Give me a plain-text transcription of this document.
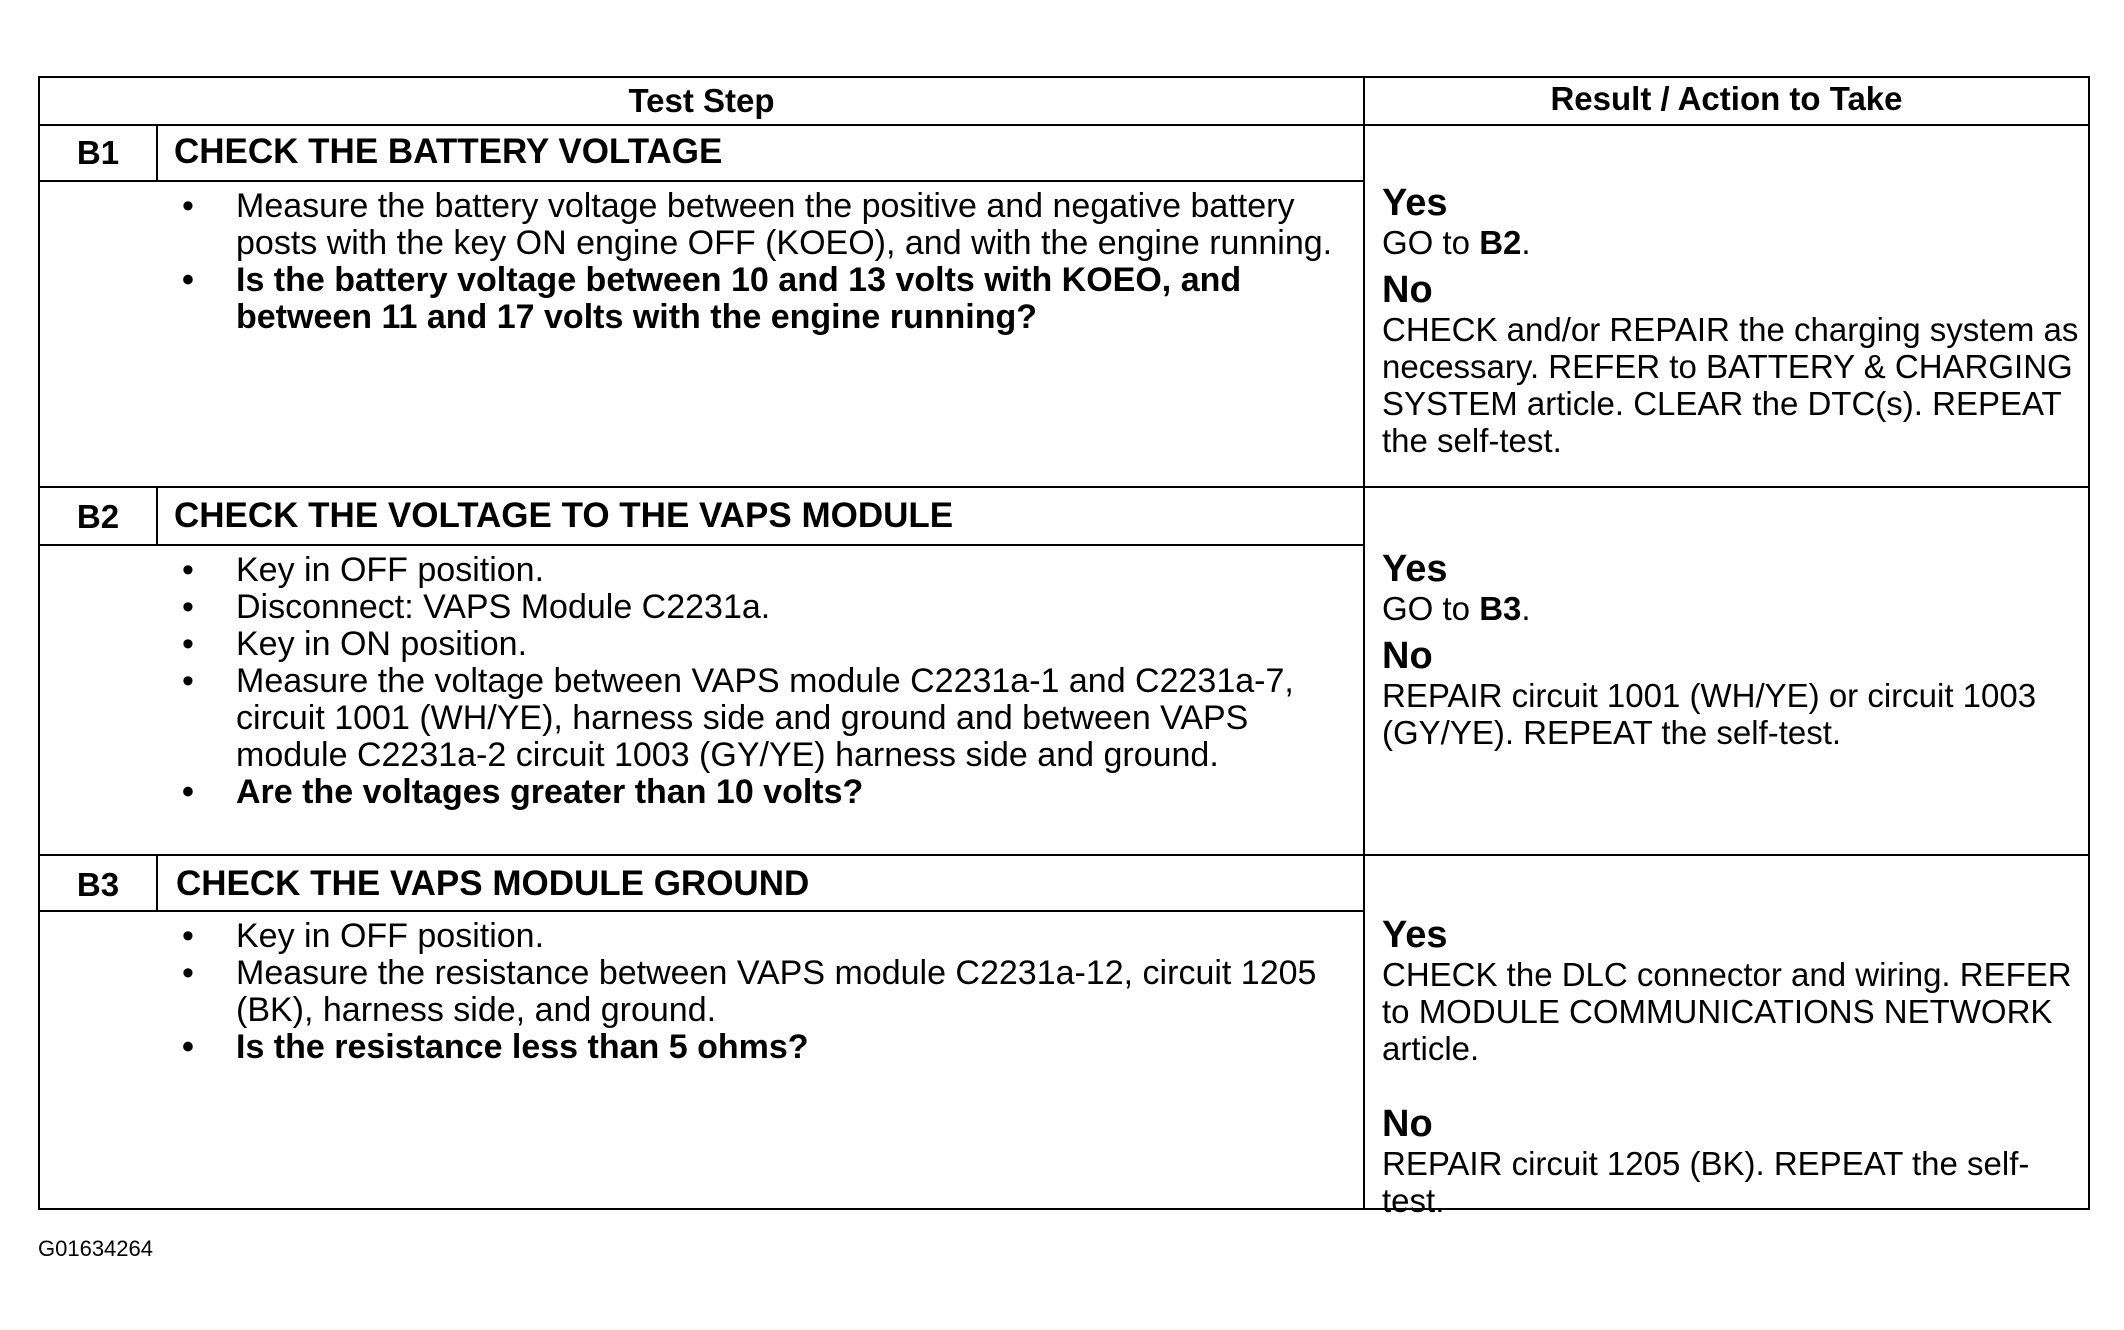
Test Step	Result / Action to Take
B1	CHECK THE BATTERY VOLTAGE
•	Measure the battery voltage between the positive and negative battery posts with the key ON engine OFF (KOEO), and with the engine running.
•	Is the battery voltage between 10 and 13 volts with KOEO, and between 11 and 17 volts with the engine running?
Yes
GO to B2.
No
CHECK and/or REPAIR the charging system as necessary. REFER to BATTERY & CHARGING SYSTEM article. CLEAR the DTC(s). REPEAT the self-test.
B2	CHECK THE VOLTAGE TO THE VAPS MODULE
•	Key in OFF position.
•	Disconnect: VAPS Module C2231a.
•	Key in ON position.
•	Measure the voltage between VAPS module C2231a-1 and C2231a-7, circuit 1001 (WH/YE), harness side and ground and between VAPS module C2231a-2 circuit 1003 (GY/YE) harness side and ground.
•	Are the voltages greater than 10 volts?
Yes
GO to B3.
No
REPAIR circuit 1001 (WH/YE) or circuit 1003 (GY/YE). REPEAT the self-test.
B3	CHECK THE VAPS MODULE GROUND
•	Key in OFF position.
•	Measure the resistance between VAPS module C2231a-12, circuit 1205 (BK), harness side, and ground.
•	Is the resistance less than 5 ohms?
Yes
CHECK the DLC connector and wiring. REFER to MODULE COMMUNICATIONS NETWORK article.
No
REPAIR circuit 1205 (BK). REPEAT the self-test.
G01634264
